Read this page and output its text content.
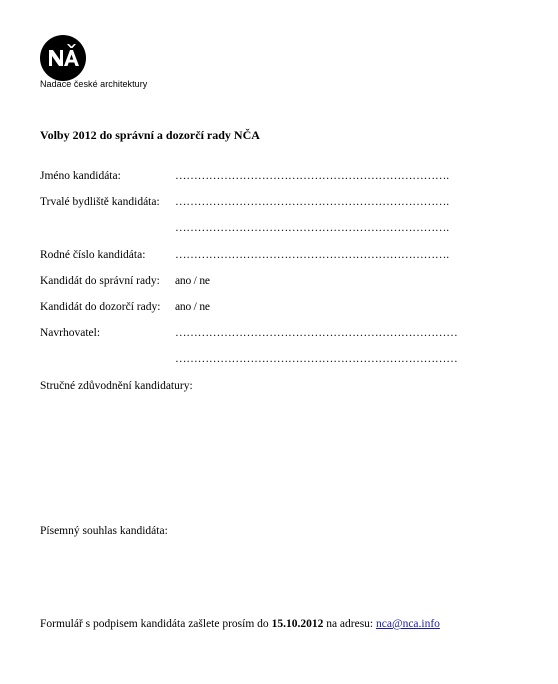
Nadace české architektury
Volby 2012 do správní a dozorčí rady NČA
Jméno kandidáta:	……………………………………………………………….
Trvalé bydliště kandidáta: ……………………………………………………………….
……………………………………………………………….
Rodné číslo kandidáta:	……………………………………………………………….
Kandidát do správní rady: ano / ne
Kandidát do dozorčí rady: ano / ne
Navrhovatel:	…………………………………………………………………
…………………………………………………………………
Stručné zdůvodnění kandidatury:
Písemný souhlas kandidáta:
Formulář s podpisem kandidáta zašlete prosím do 15.10.2012 na adresu: nca@nca.info
